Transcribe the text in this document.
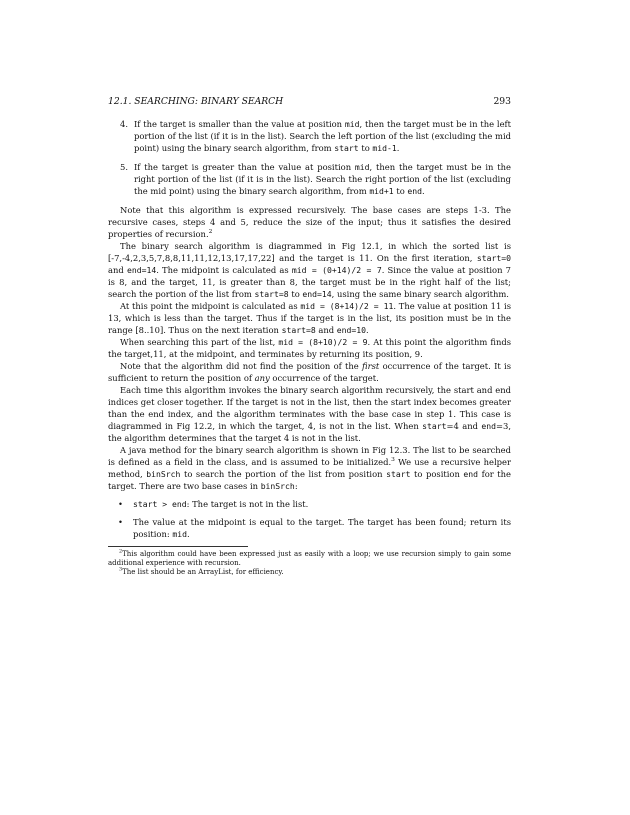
12.1. SEARCHING: BINARY SEARCH	293
4. If the target is smaller than the value at position mid, then the target must be in the left portion of the list (if it is in the list). Search the left portion of the list (excluding the mid point) using the binary search algorithm, from start to mid-1.
5. If the target is greater than the value at position mid, then the target must be in the right portion of the list (if it is in the list). Search the right portion of the list (excluding the mid point) using the binary search algorithm, from mid+1 to end.

Note that this algorithm is expressed recursively. The base cases are steps 1-3. The recursive cases, steps 4 and 5, reduce the size of the input; thus it satisfies the desired properties of recursion.$^2$

The binary search algorithm is diagrammed in Fig 12.1, in which the sorted list is [-7,-4,2,3,5,7,8,8,11,11,12,13,17,17,22] and the target is 11. On the first iteration, start=0 and end=14. The midpoint is calculated as mid = (0+14)/2 = 7. Since the value at position 7 is 8, and the target, 11, is greater than 8, the target must be in the right half of the list; search the portion of the list from start=8 to end=14, using the same binary search algorithm.

At this point the midpoint is calculated as mid = (8+14)/2 = 11. The value at position 11 is 13, which is less than the target. Thus if the target is in the list, its position must be in the range [8..10]. Thus on the next iteration start=8 and end=10.

When searching this part of the list, mid = (8+10)/2 = 9. At this point the algorithm finds the target,11, at the midpoint, and terminates by returning its position, 9.

Note that the algorithm did not find the position of the first occurrence of the target. It is sufficient to return the position of any occurrence of the target.

Each time this algorithm invokes the binary search algorithm recursively, the start and end indices get closer together. If the target is not in the list, then the start index becomes greater than the end index, and the algorithm terminates with the base case in step 1. This case is diagrammed in Fig 12.2, in which the target, 4, is not in the list. When start=4 and end=3, the algorithm determines that the target 4 is not in the list.

A java method for the binary search algorithm is shown in Fig 12.3. The list to be searched is defined as a field in the class, and is assumed to be initialized.$^3$ We use a recursive helper method, binSrch to search the portion of the list from position start to position end for the target. There are two base cases in binSrch:

• start > end: The target is not in the list.
• The value at the midpoint is equal to the target. The target has been found; return its position: mid.

$^2$This algorithm could have been expressed just as easily with a loop; we use recursion simply to gain some additional experience with recursion.

$^3$The list should be an ArrayList, for efficiency.
